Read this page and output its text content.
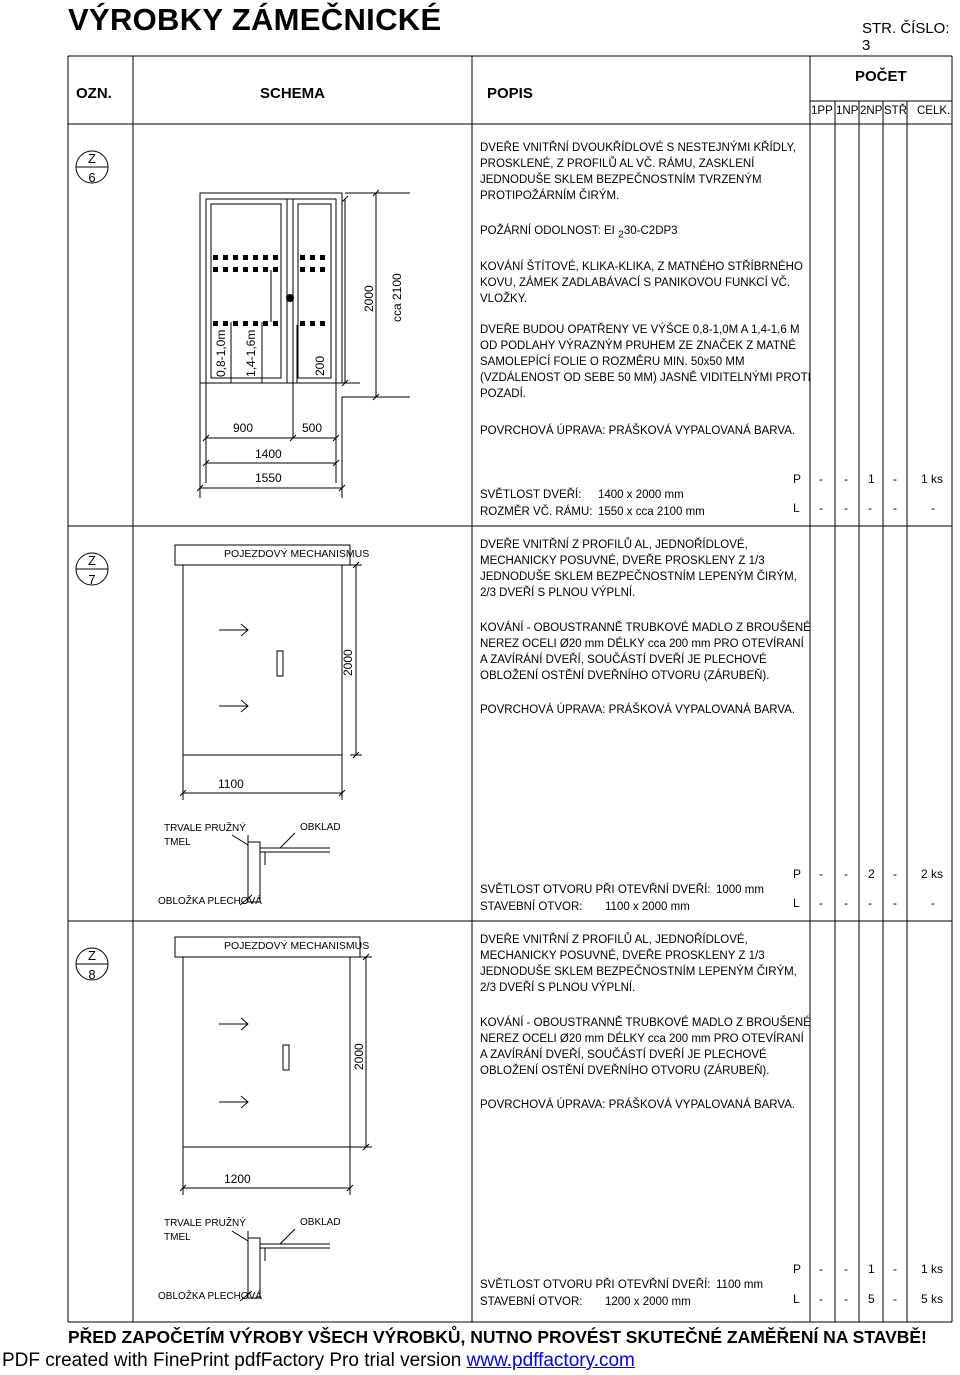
VÝROBKY ZÁMEČNICKÉ	STR. ČÍSLO: 3
OZN.	SCHEMA	POPIS
POČET
1PP 1NP 2NP STŘ CELK.
Z
6
0,8-1,0m 1,4-1,6m	200
2000 cca 2100
900	500
1400
1550
DVEŘE VNITŘNÍ DVOUKŘÍDLOVÉ S NESTEJNÝMI KŘÍDLY,
PROSKLENÉ, Z PROFILŮ AL VČ. RÁMU, ZASKLENÍ
JEDNODUŠE SKLEM BEZPEČNOSTNÍM TVRZENÝM
PROTIPOŽÁRNÍM ČIRÝM.
POŽÁRNÍ ODOLNOST: EI $_2$30-C2DP3
KOVÁNÍ ŠTÍTOVÉ, KLIKA-KLIKA, Z MATNÉHO STŘÍBRNÉHO
KOVU, ZÁMEK ZADLABÁVACÍ S PANIKOVOU FUNKCÍ VČ.
VLOŽKY.
DVEŘE BUDOU OPATŘENY VE VÝŠCE 0,8-1,0M A 1,4-1,6 M
OD PODLAHY VÝRAZNÝM PRUHEM ZE ZNAČEK Z MATNÉ
SAMOLEPÍCÍ FOLIE O ROZMĚRU MIN. 50x50 MM
(VZDÁLENOST OD SEBE 50 MM) JASNĚ VIDITELNÝMI PROTI
POZADÍ.
POVRCHOVÁ ÚPRAVA: PRÁŠKOVÁ VYPALOVANÁ BARVA.
SVĚTLOST DVEŘÍ: 1400 x 2000 mm
ROZMĚR VČ. RÁMU: 1550 x cca 2100 mm
P - - 1 - 1 ks
L - - - -	-
Z
7
POJEZDOVÝ MECHANISMUS
2000
1100
TRVALE PRUŽNÝ
TMEL
OBKLAD
OBLOŽKA PLECHOVÁ
DVEŘE VNITŘNÍ Z PROFILŮ AL, JEDNOŘÍDLOVÉ,
MECHANICKY POSUVNÉ, DVEŘE PROSKLENY Z 1/3
JEDNODUŠE SKLEM BEZPEČNOSTNÍM LEPENÝM ČIRÝM,
2/3 DVEŘÍ S PLNOU VÝPLNÍ.
KOVÁNÍ - OBOUSTRANNĚ TRUBKOVÉ MADLO Z BROUŠENÉ
NEREZ OCELI Ø20 mm DÉLKY cca 200 mm PRO OTEVÍRANÍ
A ZAVÍRÁNÍ DVEŘÍ, SOUČÁSTÍ DVEŘÍ JE PLECHOVÉ
OBLOŽENÍ OSTĚNÍ DVEŘNÍHO OTVORU (ZÁRUBEŇ).
POVRCHOVÁ ÚPRAVA: PRÁŠKOVÁ VYPALOVANÁ BARVA.
SVĚTLOST OTVORU PŘI OTEVŘNÍ DVEŘÍ: 1000 mm
STAVEBNÍ OTVOR: 1100 x 2000 mm
P - - 2 - 2 ks
L - - - -	-
Z
8
POJEZDOVÝ MECHANISMUS
2000
1200
TRVALE PRUŽNÝ
TMEL
OBKLAD
OBLOŽKA PLECHOVÁ
DVEŘE VNITŘNÍ Z PROFILŮ AL, JEDNOŘÍDLOVÉ,
MECHANICKY POSUVNÉ, DVEŘE PROSKLENY Z 1/3
JEDNODUŠE SKLEM BEZPEČNOSTNÍM LEPENÝM ČIRÝM,
2/3 DVEŘÍ S PLNOU VÝPLNÍ.
KOVÁNÍ - OBOUSTRANNĚ TRUBKOVÉ MADLO Z BROUŠENÉ
NEREZ OCELI Ø20 mm DÉLKY cca 200 mm PRO OTEVÍRANÍ
A ZAVÍRÁNÍ DVEŘÍ, SOUČÁSTÍ DVEŘÍ JE PLECHOVÉ
OBLOŽENÍ OSTĚNÍ DVEŘNÍHO OTVORU (ZÁRUBEŇ).
POVRCHOVÁ ÚPRAVA: PRÁŠKOVÁ VYPALOVANÁ BARVA.
SVĚTLOST OTVORU PŘI OTEVŘNÍ DVEŘÍ: 1100 mm
STAVEBNÍ OTVOR: 1200 x 2000 mm
P - - 1 - 1 ks
L - - 5 - 5 ks
PŘED ZAPOČETÍM VÝROBY VŠECH VÝROBKŮ, NUTNO PROVÉST SKUTEČNÉ ZAMĚŘENÍ NA STAVBĚ!
PDF created with FinePrint pdfFactory Pro trial version www.pdffactory.com
